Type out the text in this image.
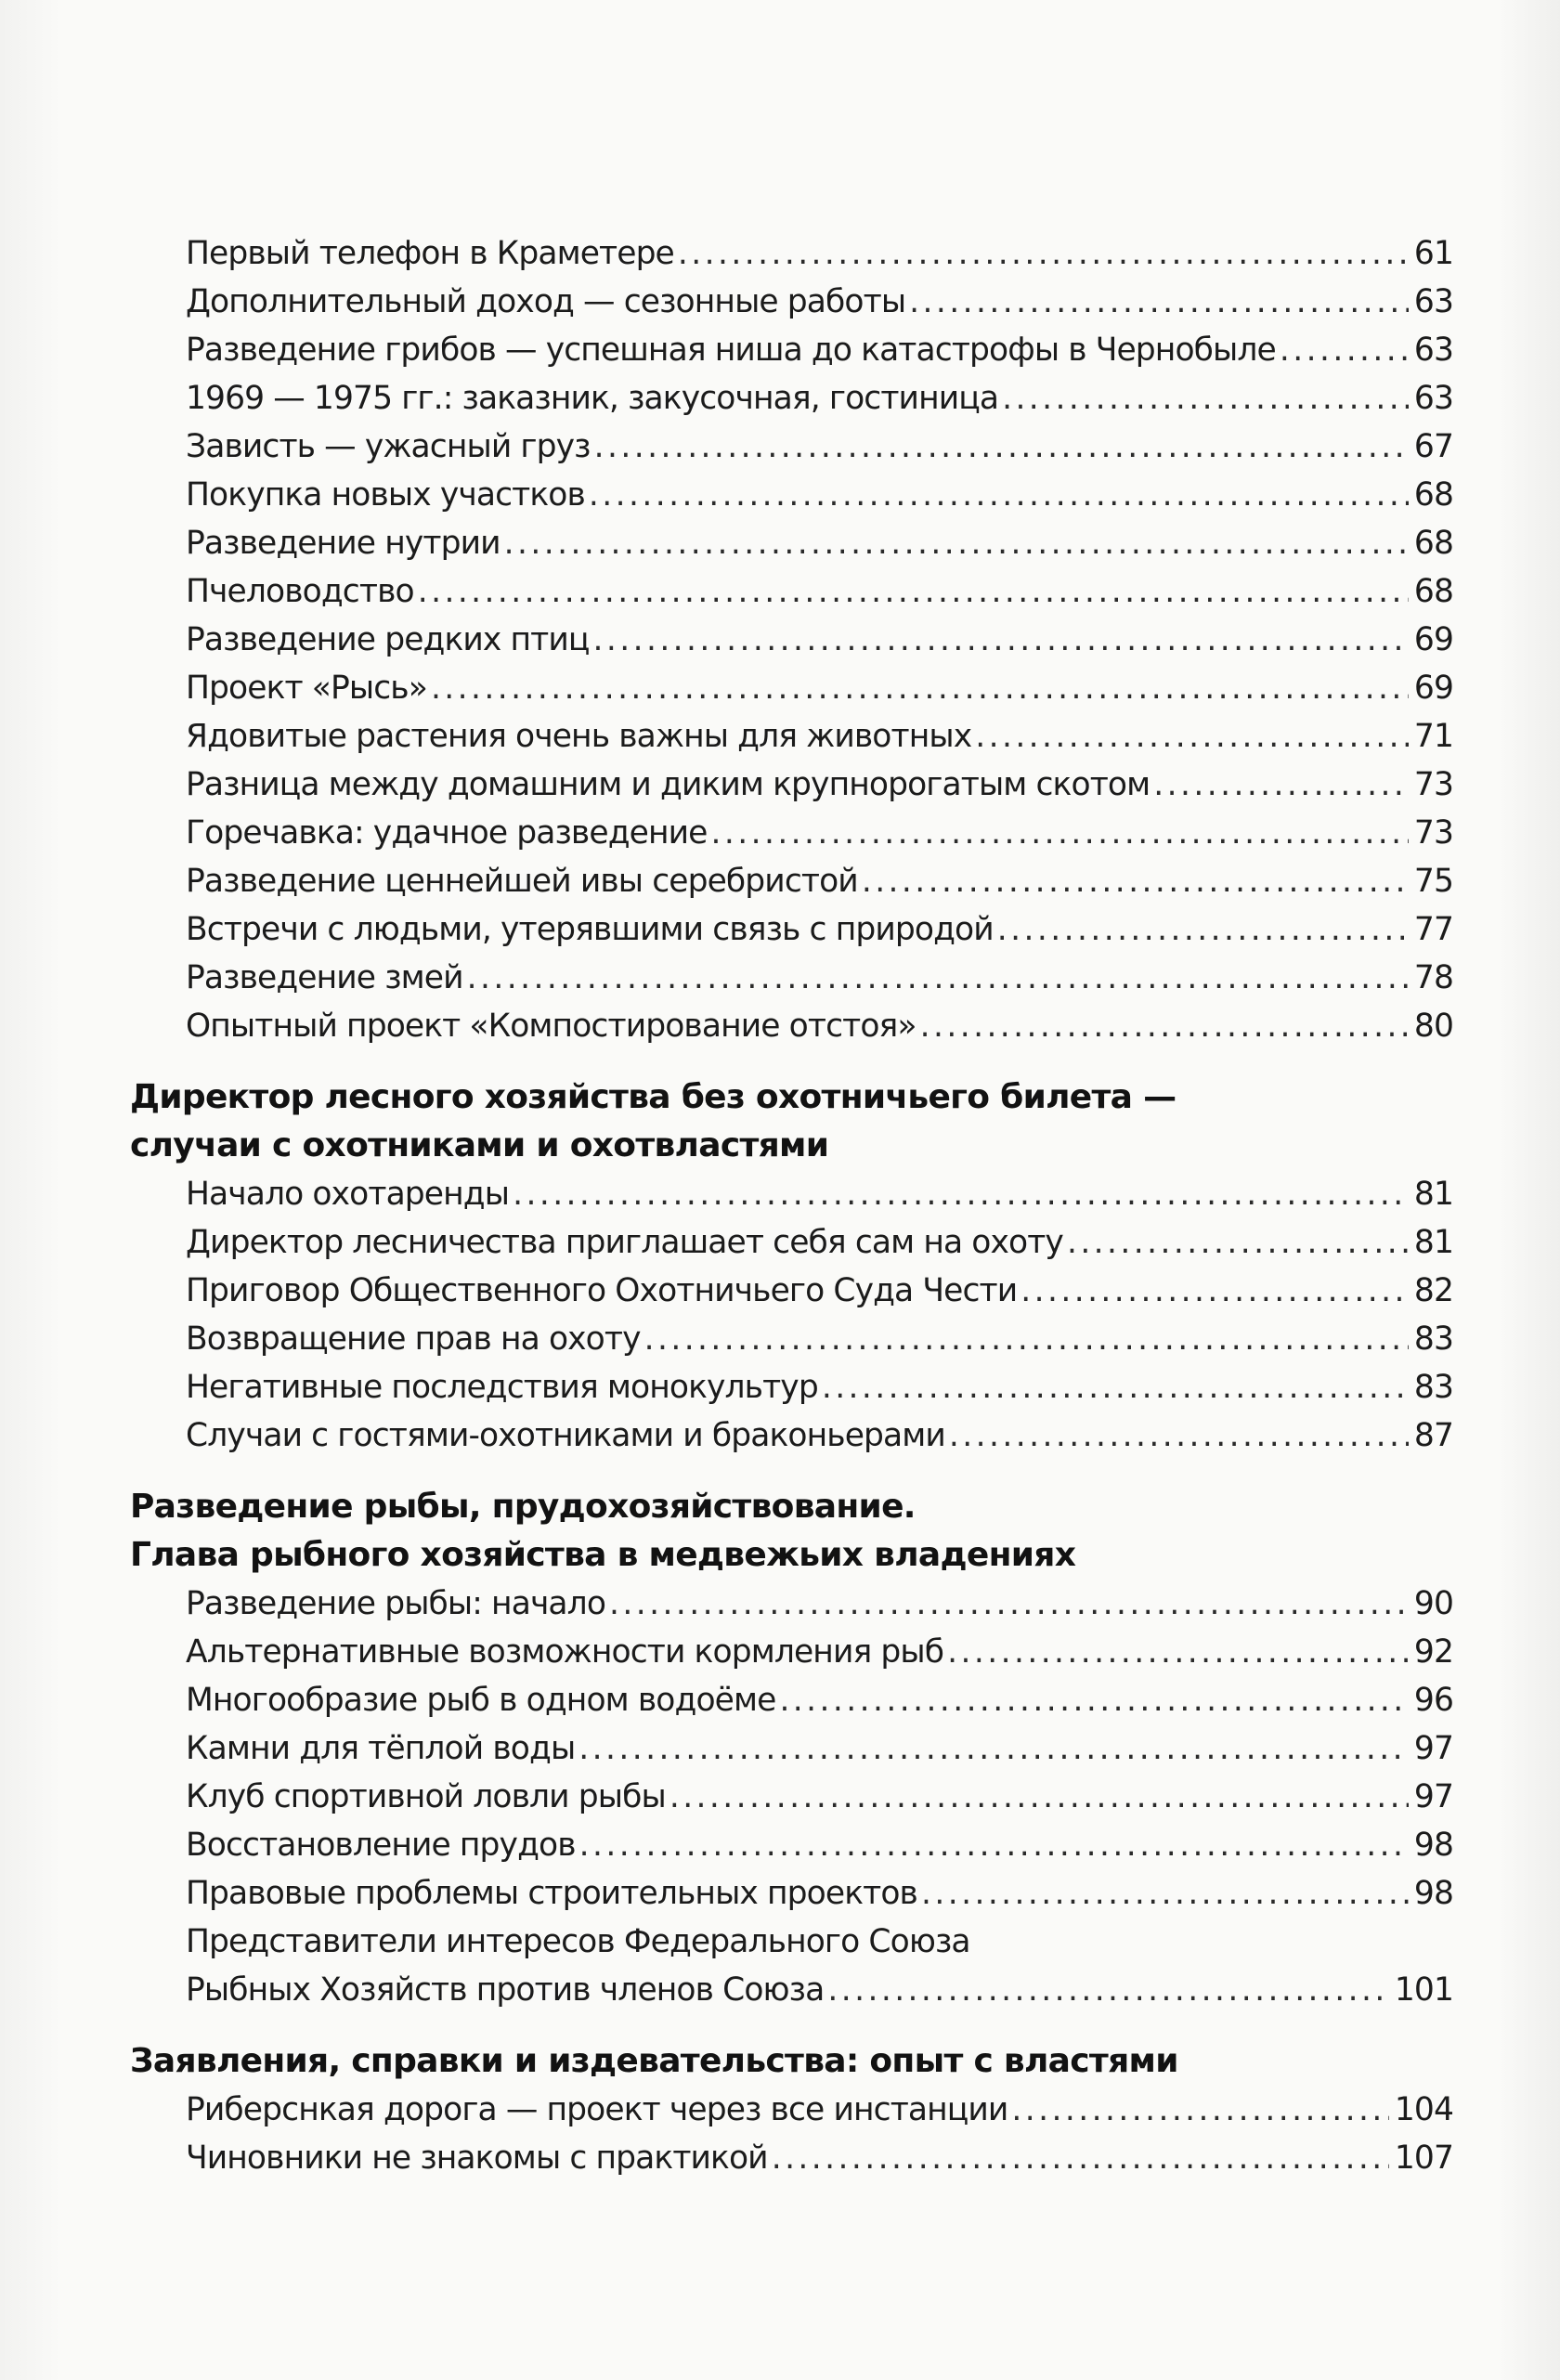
Первый телефон в Краметере .....	61
Дополнительный доход — сезонные работы .....	63
Разведение грибов — успешная ниша до катастрофы в Чернобыле .....	63
1969 — 1975 гг.: заказник, закусочная, гостиница .....	63
Зависть — ужасный груз .....	67
Покупка новых участков .....	68
Разведение нутрии .....	68
Пчеловодство .....	68
Разведение редких птиц .....	69
Проект «Рысь» .....	69
Ядовитые растения очень важны для животных .....	71
Разница между домашним и диким крупнорогатым скотом .....	73
Горечавка: удачное разведение .....	73
Разведение ценнейшей ивы серебристой .....	75
Встречи с людьми, утерявшими связь с природой .....	77
Разведение змей .....	78
Опытный проект «Компостирование отстоя» .....	80
Директор лесного хозяйства без охотничьего билета —
случаи с охотниками и охотвластями
Начало охотаренды .....	81
Директор лесничества приглашает себя сам на охоту .....	81
Приговор Общественного Охотничьего Суда Чести .....	82
Возвращение прав на охоту .....	83
Негативные последствия монокультур .....	83
Случаи с гостями-охотниками и браконьерами .....	87
Разведение рыбы, прудохозяйствование.
Глава рыбного хозяйства в медвежьих владениях
Разведение рыбы: начало .....	90
Альтернативные возможности кормления рыб .....	92
Многообразие рыб в одном водоёме .....	96
Камни для тёплой воды .....	97
Клуб спортивной ловли рыбы .....	97
Восстановление прудов .....	98
Правовые проблемы строительных проектов .....	98
Представители интересов Федерального Союза
Рыбных Хозяйств против членов Союза .....	101
Заявления, справки и издевательства: опыт с властями
Риберснкая дорога — проект через все инстанции .....	104
Чиновники не знакомы с практикой .....	107
